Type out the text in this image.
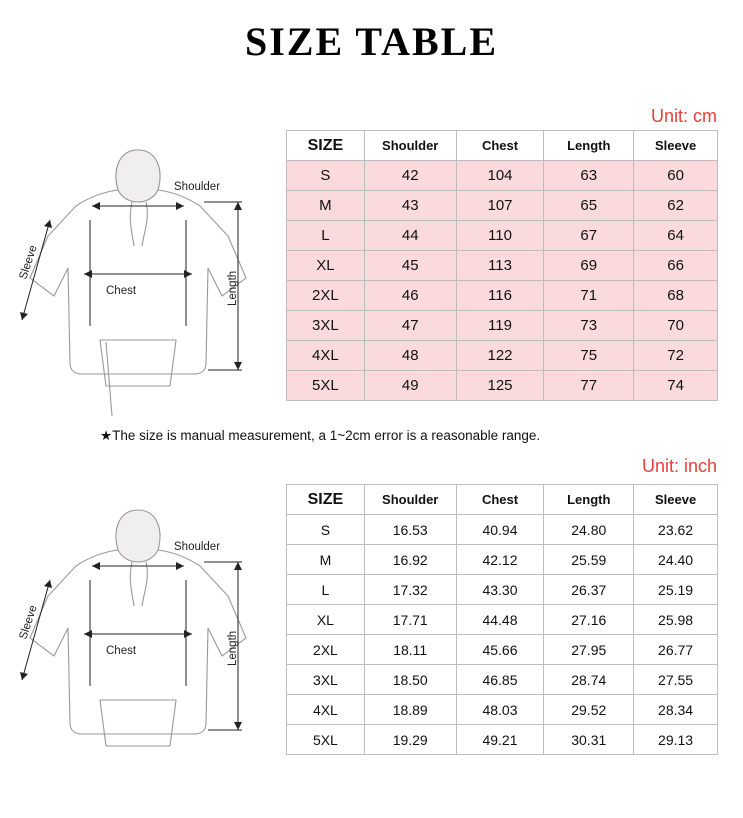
SIZE TABLE
Unit: cm
Unit: inch
SIZE	Shoulder	Chest	Length	Sleeve
S	42	104	63	60
M	43	107	65	62
L	44	110	67	64
XL	45	113	69	66
2XL	46	116	71	68
3XL	47	119	73	70
4XL	48	122	75	72
5XL	49	125	77	74
★The size is manual measurement, a 1~2cm error is a reasonable range.
SIZE	Shoulder	Chest	Length	Sleeve
S	16.53	40.94	24.80	23.62
M	16.92	42.12	25.59	24.40
L	17.32	43.30	26.37	25.19
XL	17.71	44.48	27.16	25.98
2XL	18.11	45.66	27.95	26.77
3XL	18.50	46.85	28.74	27.55
4XL	18.89	48.03	29.52	28.34
5XL	19.29	49.21	30.31	29.13
Shoulder
Chest	Length
Sleeve
Shoulder
Chest	Length
Sleeve
